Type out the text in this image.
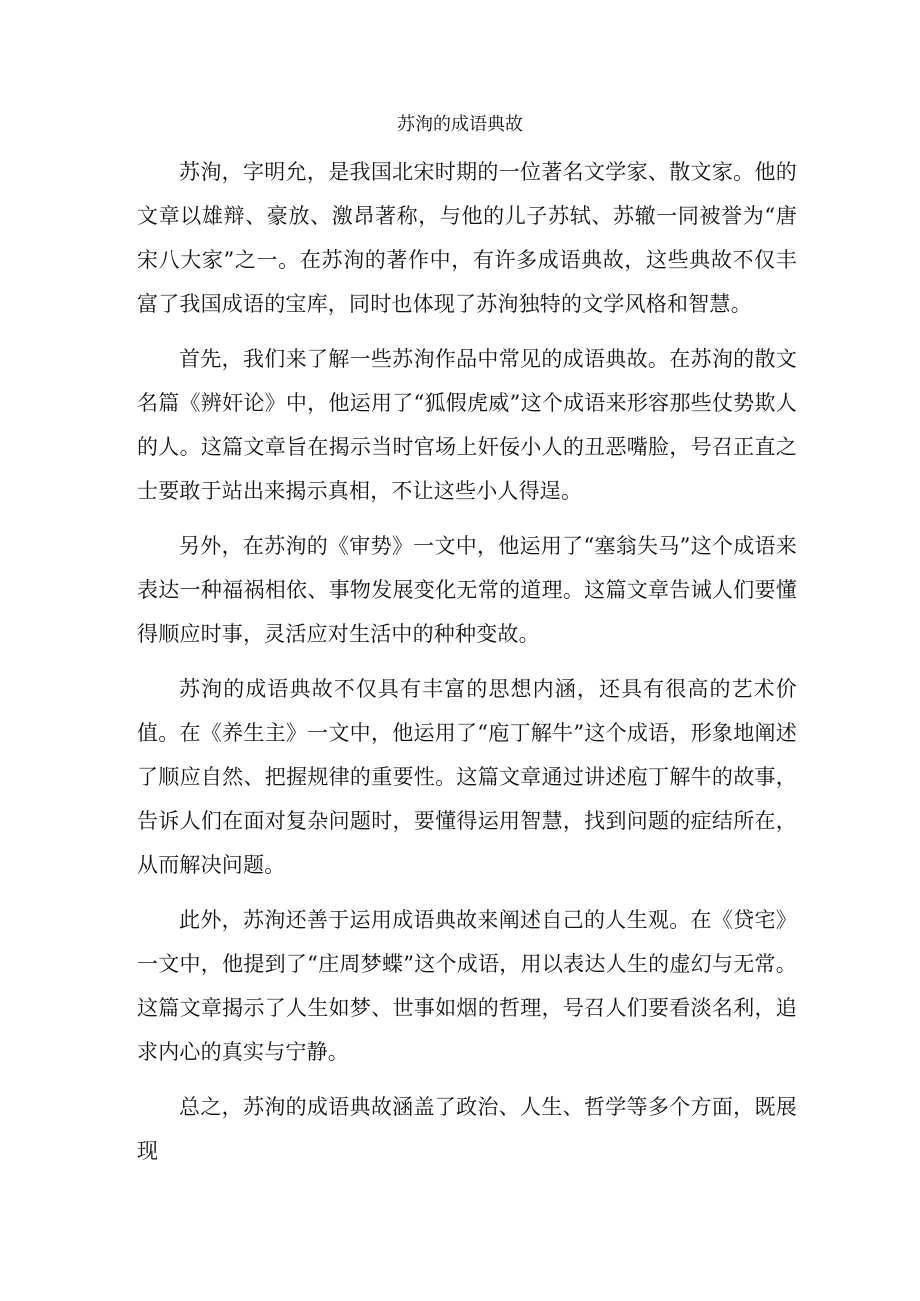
苏洵的成语典故

苏洵，字明允，是我国北宋时期的一位著名文学家、散文家。他的文章以雄辩、豪放、激昂著称，与他的儿子苏轼、苏辙一同被誉为“唐宋八大家”之一。在苏洵的著作中，有许多成语典故，这些典故不仅丰富了我国成语的宝库，同时也体现了苏洵独特的文学风格和智慧。

首先，我们来了解一些苏洵作品中常见的成语典故。在苏洵的散文名篇《辨奸论》中，他运用了“狐假虎威”这个成语来形容那些仗势欺人的人。这篇文章旨在揭示当时官场上奸佞小人的丑恶嘴脸，号召正直之士要敢于站出来揭示真相，不让这些小人得逞。

另外，在苏洵的《审势》一文中，他运用了“塞翁失马”这个成语来表达一种福祸相依、事物发展变化无常的道理。这篇文章告诫人们要懂得顺应时事，灵活应对生活中的种种变故。

苏洵的成语典故不仅具有丰富的思想内涵，还具有很高的艺术价值。在《养生主》一文中，他运用了“庖丁解牛”这个成语，形象地阐述了顺应自然、把握规律的重要性。这篇文章通过讲述庖丁解牛的故事，告诉人们在面对复杂问题时，要懂得运用智慧，找到问题的症结所在，从而解决问题。

此外，苏洵还善于运用成语典故来阐述自己的人生观。在《贷宅》一文中，他提到了“庄周梦蝶”这个成语，用以表达人生的虚幻与无常。这篇文章揭示了人生如梦、世事如烟的哲理，号召人们要看淡名利，追求内心的真实与宁静。

总之，苏洵的成语典故涵盖了政治、人生、哲学等多个方面，既展现
